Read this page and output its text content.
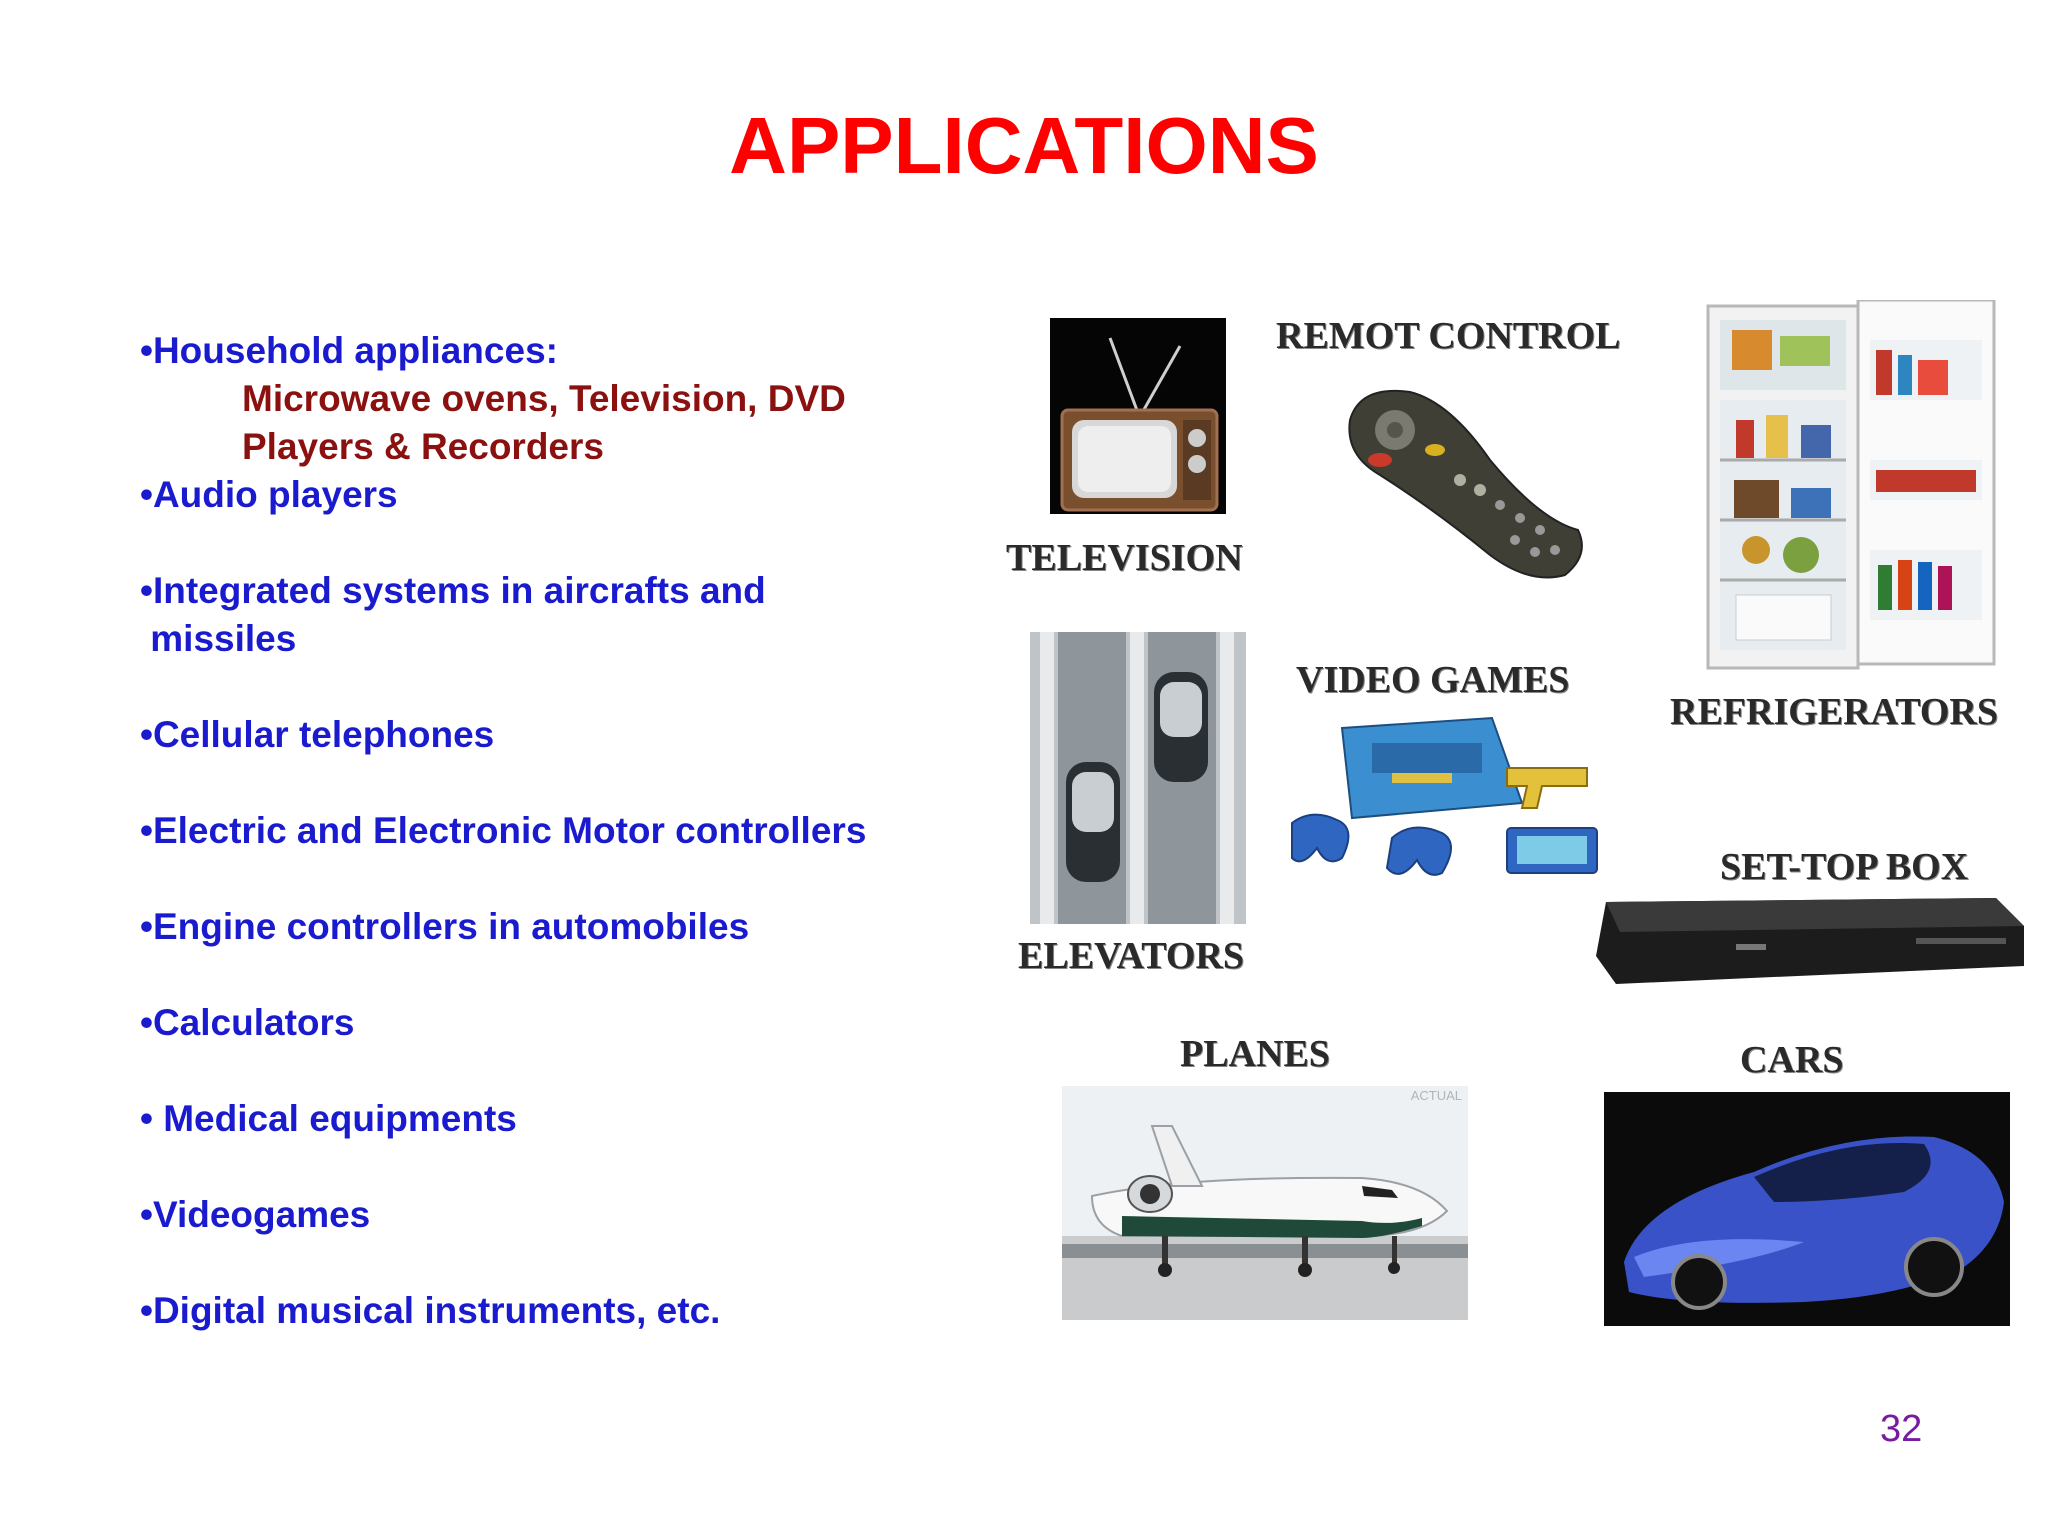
APPLICATIONS
•Household appliances:
Microwave ovens, Television, DVD
Players & Recorders
•Audio players
•Integrated systems in aircrafts and
missiles
•Cellular telephones
•Electric and Electronic Motor controllers
•Engine controllers in automobiles
•Calculators
• Medical equipments
•Videogames
•Digital musical instruments, etc.
TELEVISION
REMOT CONTROL
REFRIGERATORS
ELEVATORS
VIDEO GAMES
SET-TOP BOX
PLANES
ACTUAL
CARS
32
